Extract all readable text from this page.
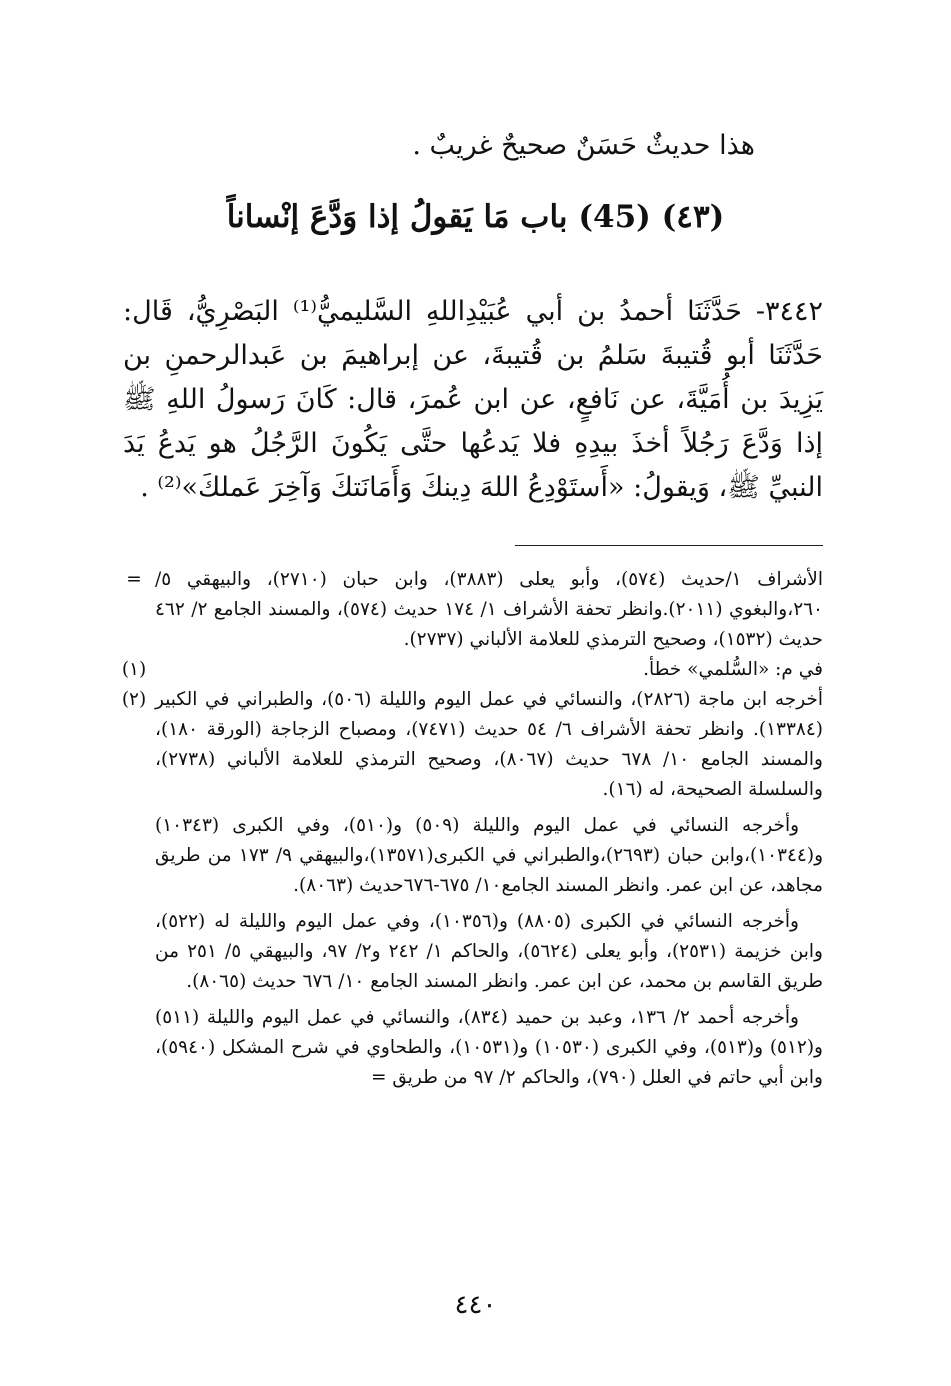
هذا حديثٌ حَسَنٌ صحيحٌ غريبٌ .
(٤٣) (45) باب مَا يَقولُ إذا وَدَّعَ إنْساناً
٣٤٤٢- حَدَّثَنَا أحمدُ بن أبي عُبَيْدِاللهِ السَّليميُّ⁽¹⁾ البَصْرِيُّ، قَال: حَدَّثَنَا أبو قُتيبةَ سَلمُ بن قُتيبةَ، عن إبراهيمَ بن عَبدالرحمنِ بن يَزِيدَ بن أُمَيَّةَ، عن نَافعٍ، عن ابن عُمرَ، قال: كَانَ رَسولُ اللهِ ﷺ إذا وَدَّعَ رَجُلاً أخذَ بيدِهِ فلا يَدعُها حتَّى يَكُونَ الرَّجُلُ هو يَدعُ يَدَ النبيِّ ﷺ، وَيقولُ: «أَستَوْدِعُ اللهَ دِينكَ وَأَمَانَتكَ وَآخِرَ عَملكَ»⁽²⁾ .
= الأشراف ١/حديث (٥٧٤)، وأبو يعلى (٣٨٨٣)، وابن حبان (٢٧١٠)، والبيهقي ٥/ ٢٦٠،والبغوي (٢٠١١).وانظر تحفة الأشراف ١/ ١٧٤ حديث (٥٧٤)، والمسند الجامع ٢/ ٤٦٢ حديث (١٥٣٢)، وصحيح الترمذي للعلامة الألباني (٢٧٣٧).
(١)	في م: «السُّلمي» خطأ.
(٢) أخرجه ابن ماجة (٢٨٢٦)، والنسائي في عمل اليوم والليلة (٥٠٦)، والطبراني في الكبير (١٣٣٨٤). وانظر تحفة الأشراف ٦/ ٥٤ حديث (٧٤٧١)، ومصباح الزجاجة (الورقة ١٨٠)، والمسند الجامع ١٠/ ٦٧٨ حديث (٨٠٦٧)، وصحيح الترمذي للعلامة الألباني (٢٧٣٨)، والسلسلة الصحيحة، له (١٦).
وأخرجه النسائي في عمل اليوم والليلة (٥٠٩) و(٥١٠)، وفي الكبرى (١٠٣٤٣) و(١٠٣٤٤)،وابن حبان (٢٦٩٣)،والطبراني في الكبرى(١٣٥٧١)،والبيهقي ٩/ ١٧٣ من طريق مجاهد، عن ابن عمر. وانظر المسند الجامع١٠/ ٦٧٥-٦٧٦حديث (٨٠٦٣).
وأخرجه النسائي في الكبرى (٨٨٠٥) و(١٠٣٥٦)، وفي عمل اليوم والليلة له (٥٢٢)، وابن خزيمة (٢٥٣١)، وأبو يعلى (٥٦٢٤)، والحاكم ١/ ٢٤٢ و٢/ ٩٧، والبيهقي ٥/ ٢٥١ من طريق القاسم بن محمد، عن ابن عمر. وانظر المسند الجامع ١٠/ ٦٧٦ حديث (٨٠٦٥).
وأخرجه أحمد ٢/ ١٣٦، وعبد بن حميد (٨٣٤)، والنسائي في عمل اليوم والليلة (٥١١) و(٥١٢) و(٥١٣)، وفي الكبرى (١٠٥٣٠) و(١٠٥٣١)، والطحاوي في شرح المشكل (٥٩٤٠)، وابن أبي حاتم في العلل (٧٩٠)، والحاكم ٢/ ٩٧ من طريق =
٤٤٠
